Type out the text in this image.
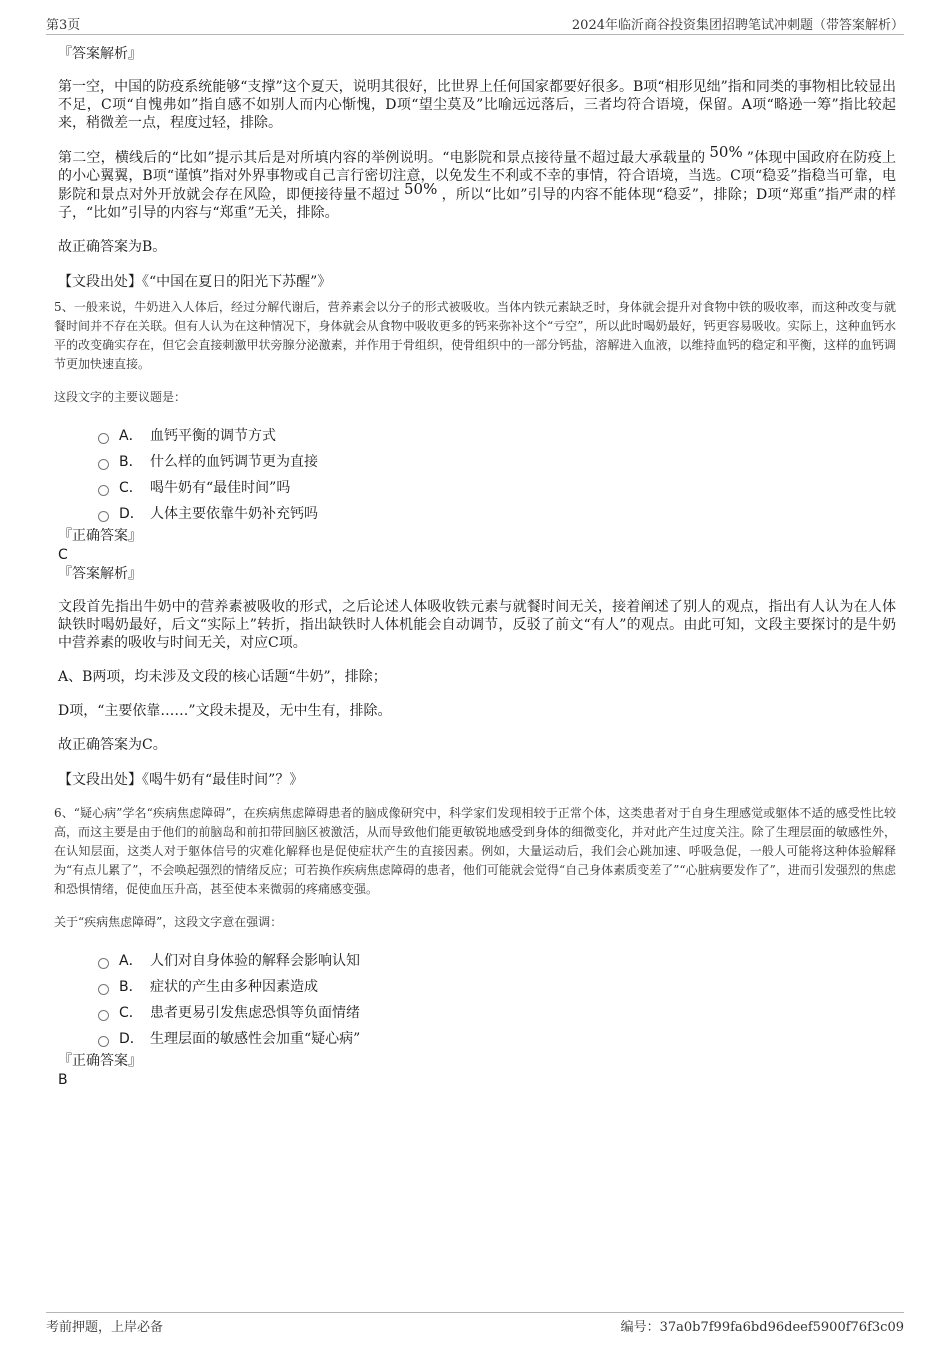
第3页	2024年临沂商谷投资集团招聘笔试冲刺题（带答案解析）

『答案解析』

第一空，中国的防疫系统能够“支撑”这个夏天，说明其很好，比世界上任何国家都要好很多。B项“相形见绌”指和同类的事物相比较显出不足，C项“自愧弗如”指自感不如别人而内心惭愧，D项“望尘莫及”比喻远远落后，三者均符合语境，保留。A项“略逊一筹”指比较起来，稍微差一点，程度过轻，排除。

第二空，横线后的“比如”提示其后是对所填内容的举例说明。“电影院和景点接待量不超过最大承载量的 50% ”体现中国政府在防疫上的小心翼翼，B项“谨慎”指对外界事物或自己言行密切注意，以免发生不利或不幸的事情，符合语境，当选。C项“稳妥”指稳当可靠，电影院和景点对外开放就会存在风险，即便接待量不超过 50% ，所以“比如”引导的内容不能体现“稳妥”，排除；D项“郑重”指严肃的样子，“比如”引导的内容与“郑重”无关，排除。

故正确答案为B。

【文段出处】《“中国在夏日的阳光下苏醒”》

5、一般来说，牛奶进入人体后，经过分解代谢后，营养素会以分子的形式被吸收。当体内铁元素缺乏时，身体就会提升对食物中铁的吸收率，而这种改变与就餐时间并不存在关联。但有人认为在这种情况下，身体就会从食物中吸收更多的钙来弥补这个“亏空”，所以此时喝奶最好，钙更容易吸收。实际上，这种血钙水平的改变确实存在，但它会直接刺激甲状旁腺分泌激素，并作用于骨组织，使骨组织中的一部分钙盐，溶解进入血液，以维持血钙的稳定和平衡，这样的血钙调节更加快速直接。

这段文字的主要议题是：

A． 血钙平衡的调节方式
B． 什么样的血钙调节更为直接
C． 喝牛奶有“最佳时间”吗
D． 人体主要依靠牛奶补充钙吗

『正确答案』

C

『答案解析』

文段首先指出牛奶中的营养素被吸收的形式，之后论述人体吸收铁元素与就餐时间无关，接着阐述了别人的观点，指出有人认为在人体缺铁时喝奶最好，后文“实际上”转折，指出缺铁时人体机能会自动调节，反驳了前文“有人”的观点。由此可知，文段主要探讨的是牛奶中营养素的吸收与时间无关，对应C项。

A、B两项，均未涉及文段的核心话题“牛奶”，排除；

D项，“主要依靠……”文段未提及，无中生有，排除。

故正确答案为C。

【文段出处】《喝牛奶有“最佳时间”？》

6、“疑心病”学名“疾病焦虑障碍”，在疾病焦虑障碍患者的脑成像研究中，科学家们发现相较于正常个体，这类患者对于自身生理感觉或躯体不适的感受性比较高，而这主要是由于他们的前脑岛和前扣带回脑区被激活，从而导致他们能更敏锐地感受到身体的细微变化，并对此产生过度关注。除了生理层面的敏感性外，在认知层面，这类人对于躯体信号的灾难化解释也是促使症状产生的直接因素。例如，大量运动后，我们会心跳加速、呼吸急促，一般人可能将这种体验解释为“有点儿累了”，不会唤起强烈的情绪反应；可若换作疾病焦虑障碍的患者，他们可能就会觉得“自己身体素质变差了”“心脏病要发作了”，进而引发强烈的焦虑和恐惧情绪，促使血压升高，甚至使本来微弱的疼痛感变强。

关于“疾病焦虑障碍”，这段文字意在强调：

A． 人们对自身体验的解释会影响认知
B． 症状的产生由多种因素造成
C． 患者更易引发焦虑恐惧等负面情绪
D． 生理层面的敏感性会加重“疑心病”

『正确答案』

B

考前押题，上岸必备	编号：37a0b7f99fa6bd96deef5900f76f3c09
